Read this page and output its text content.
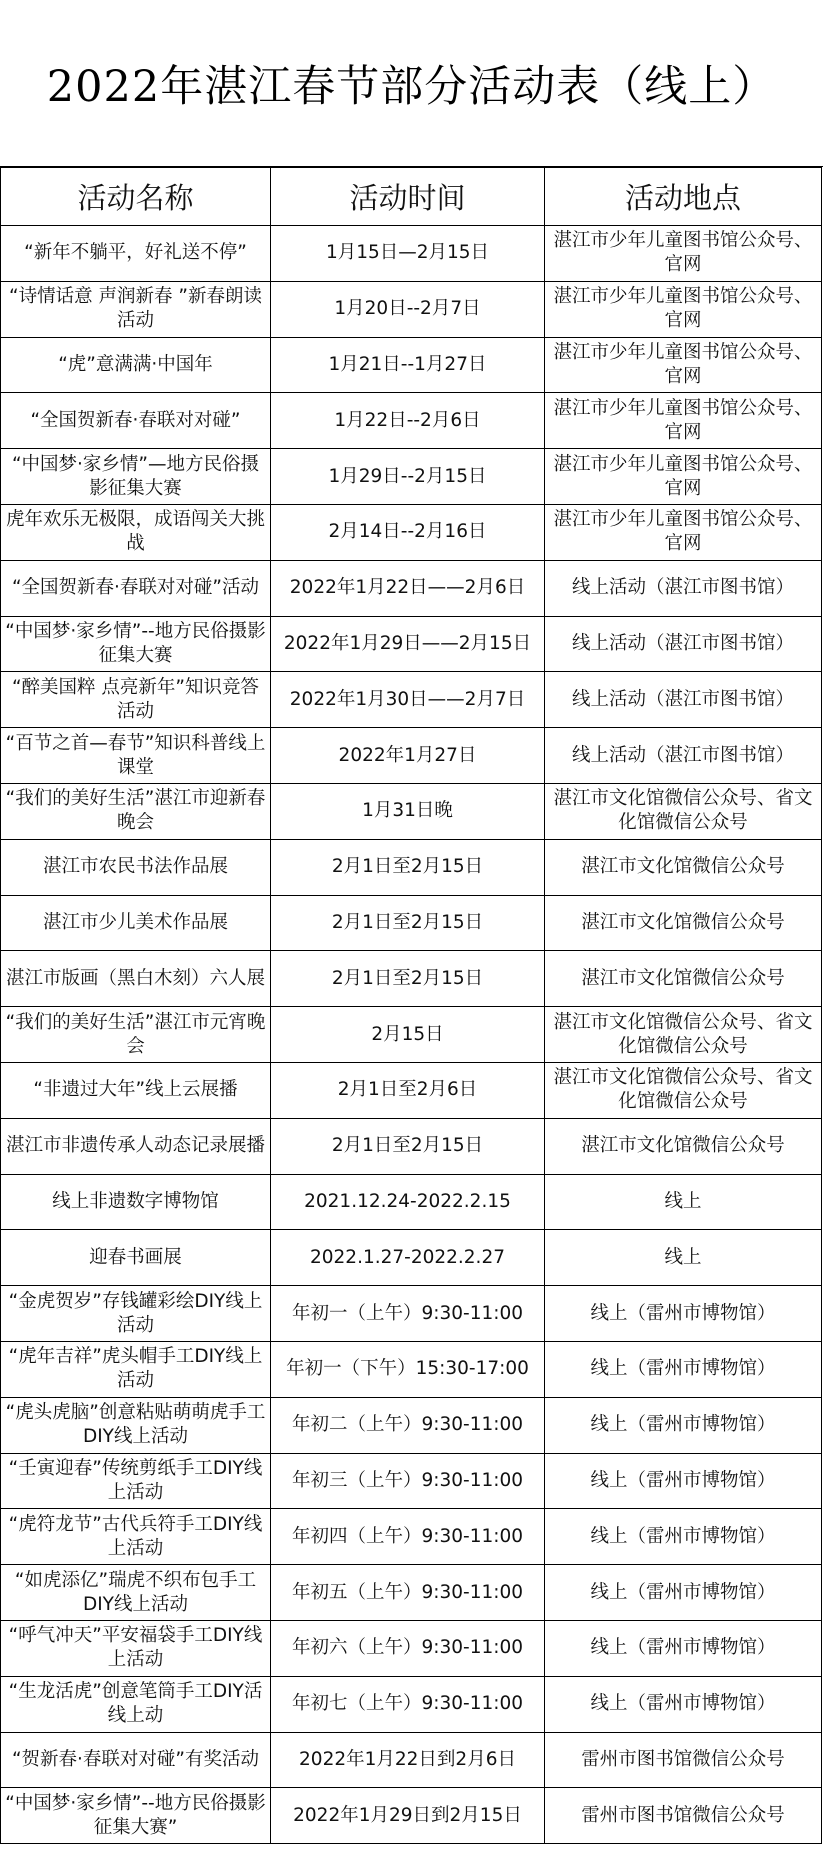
2022年湛江春节部分活动表（线上）
活动名称	活动时间	活动地点
“新年不躺平，好礼送不停”	1月15日—2月15日	湛江市少年儿童图书馆公众号、官网
“诗情话意 声润新春 ”新春朗读活动	1月20日--2月7日	湛江市少年儿童图书馆公众号、官网
“虎”意满满·中国年	1月21日--1月27日	湛江市少年儿童图书馆公众号、官网
“全国贺新春·春联对对碰”	1月22日--2月6日	湛江市少年儿童图书馆公众号、官网
“中国梦·家乡情”—地方民俗摄影征集大赛	1月29日--2月15日	湛江市少年儿童图书馆公众号、官网
虎年欢乐无极限，成语闯关大挑战	2月14日--2月16日	湛江市少年儿童图书馆公众号、官网
“全国贺新春·春联对对碰”活动	2022年1月22日——2月6日	线上活动（湛江市图书馆）
“中国梦·家乡情”--地方民俗摄影征集大赛	2022年1月29日——2月15日	线上活动（湛江市图书馆）
“醉美国粹 点亮新年”知识竞答活动	2022年1月30日——2月7日	线上活动（湛江市图书馆）
“百节之首—春节”知识科普线上课堂	2022年1月27日	线上活动（湛江市图书馆）
“我们的美好生活”湛江市迎新春晚会	1月31日晚	湛江市文化馆微信公众号、省文化馆微信公众号
湛江市农民书法作品展	2月1日至2月15日	湛江市文化馆微信公众号
湛江市少儿美术作品展	2月1日至2月15日	湛江市文化馆微信公众号
湛江市版画（黑白木刻）六人展	2月1日至2月15日	湛江市文化馆微信公众号
“我们的美好生活”湛江市元宵晚会	2月15日	湛江市文化馆微信公众号、省文化馆微信公众号
“非遗过大年”线上云展播	2月1日至2月6日	湛江市文化馆微信公众号、省文化馆微信公众号
湛江市非遗传承人动态记录展播	2月1日至2月15日	湛江市文化馆微信公众号
线上非遗数字博物馆	2021.12.24-2022.2.15	线上
迎春书画展	2022.1.27-2022.2.27	线上
“金虎贺岁”存钱罐彩绘DIY线上活动	年初一（上午）9:30-11:00	线上（雷州市博物馆）
“虎年吉祥”虎头帽手工DIY线上活动	年初一（下午）15:30-17:00	线上（雷州市博物馆）
“虎头虎脑”创意粘贴萌萌虎手工DIY线上活动	年初二（上午）9:30-11:00	线上（雷州市博物馆）
“壬寅迎春”传统剪纸手工DIY线上活动	年初三（上午）9:30-11:00	线上（雷州市博物馆）
“虎符龙节”古代兵符手工DIY线上活动	年初四（上午）9:30-11:00	线上（雷州市博物馆）
“如虎添亿”瑞虎不织布包手工DIY线上活动	年初五（上午）9:30-11:00	线上（雷州市博物馆）
“呼气冲天”平安福袋手工DIY线上活动	年初六（上午）9:30-11:00	线上（雷州市博物馆）
“生龙活虎”创意笔筒手工DIY活线上动	年初七（上午）9:30-11:00	线上（雷州市博物馆）
“贺新春·春联对对碰”有奖活动	2022年1月22日到2月6日	雷州市图书馆微信公众号
“中国梦·家乡情”--地方民俗摄影征集大赛”	2022年1月29日到2月15日	雷州市图书馆微信公众号
